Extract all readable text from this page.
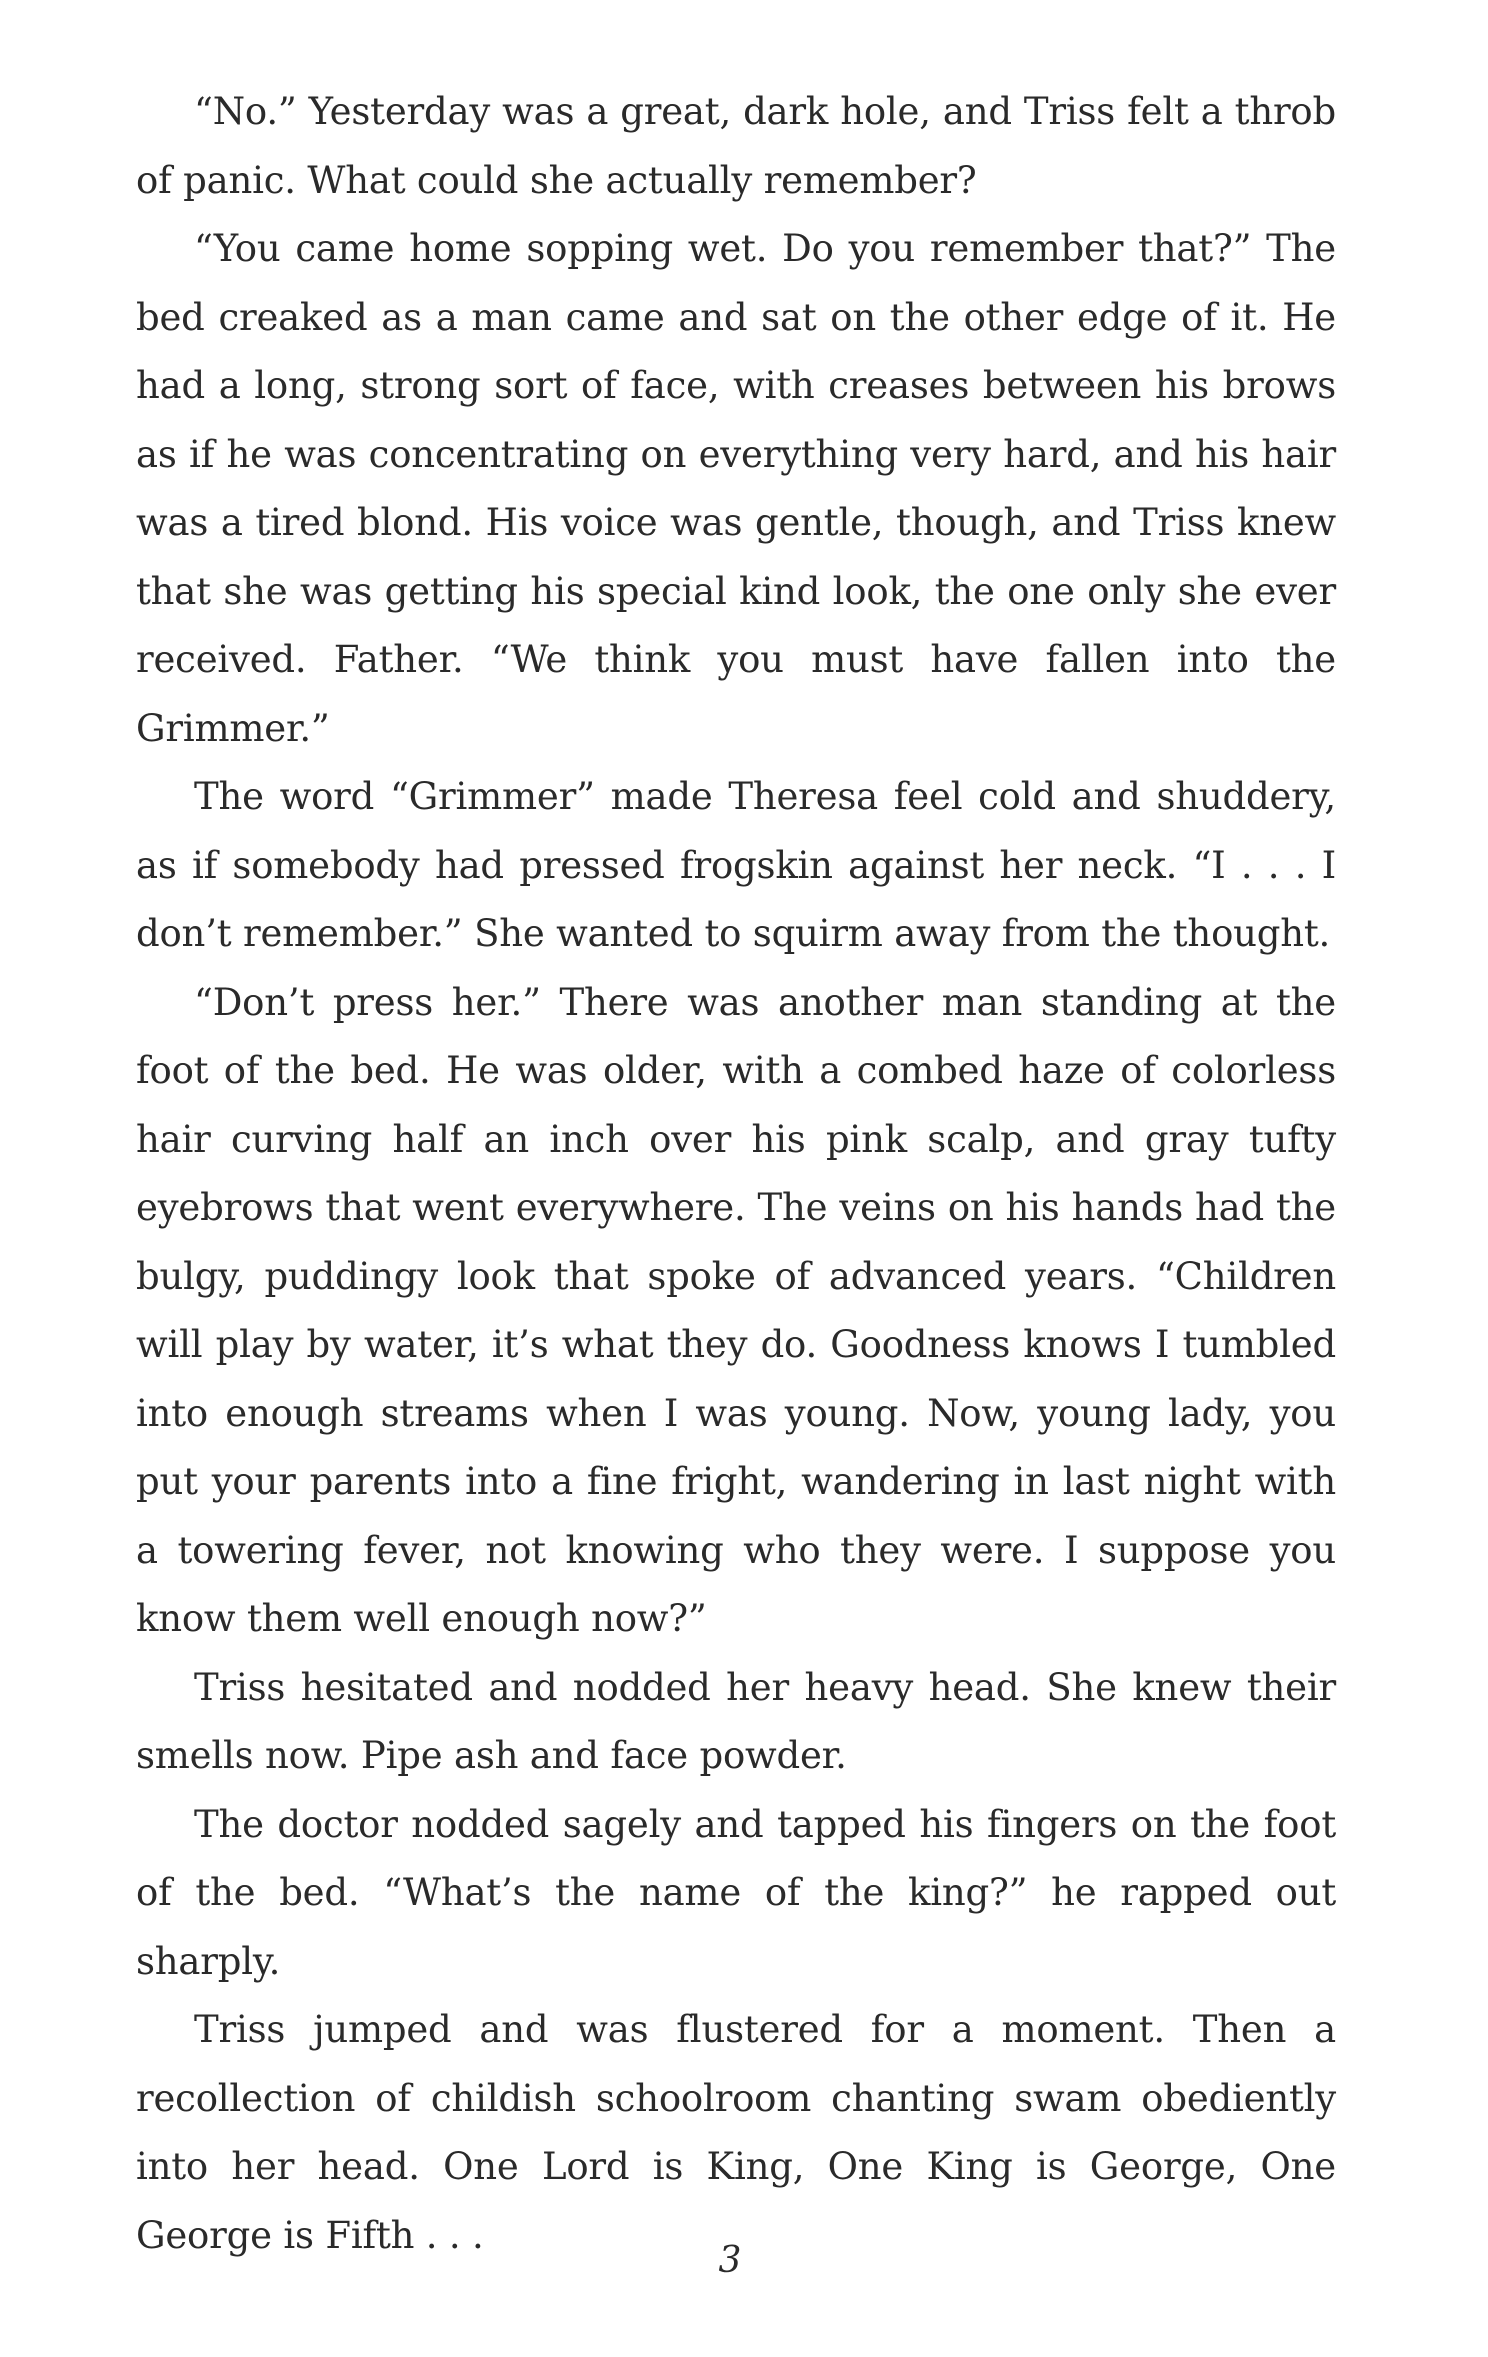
“No.” Yesterday was a great, dark hole, and Triss felt a throb of panic. What could she actually remember?

“You came home sopping wet. Do you remember that?” The bed creaked as a man came and sat on the other edge of it. He had a long, strong sort of face, with creases between his brows as if he was concentrating on everything very hard, and his hair was a tired blond. His voice was gentle, though, and Triss knew that she was getting his special kind look, the one only she ever received. Father. “We think you must have fallen into the Grimmer.”

The word “Grimmer” made Theresa feel cold and shuddery, as if somebody had pressed frogskin against her neck. “I . . . I don’t remember.” She wanted to squirm away from the thought.

“Don’t press her.” There was another man standing at the foot of the bed. He was older, with a combed haze of colorless hair curving half an inch over his pink scalp, and gray tufty eyebrows that went everywhere. The veins on his hands had the bulgy, puddingy look that spoke of advanced years. “Children will play by water, it’s what they do. Goodness knows I tumbled into enough streams when I was young. Now, young lady, you put your parents into a fine fright, wandering in last night with a towering fever, not knowing who they were. I suppose you know them well enough now?”

Triss hesitated and nodded her heavy head. She knew their smells now. Pipe ash and face powder.

The doctor nodded sagely and tapped his fingers on the foot of the bed. “What’s the name of the king?” he rapped out sharply.

Triss jumped and was flustered for a moment. Then a recollection of childish schoolroom chanting swam obediently into her head. One Lord is King, One King is George, One George is Fifth . . .

3
